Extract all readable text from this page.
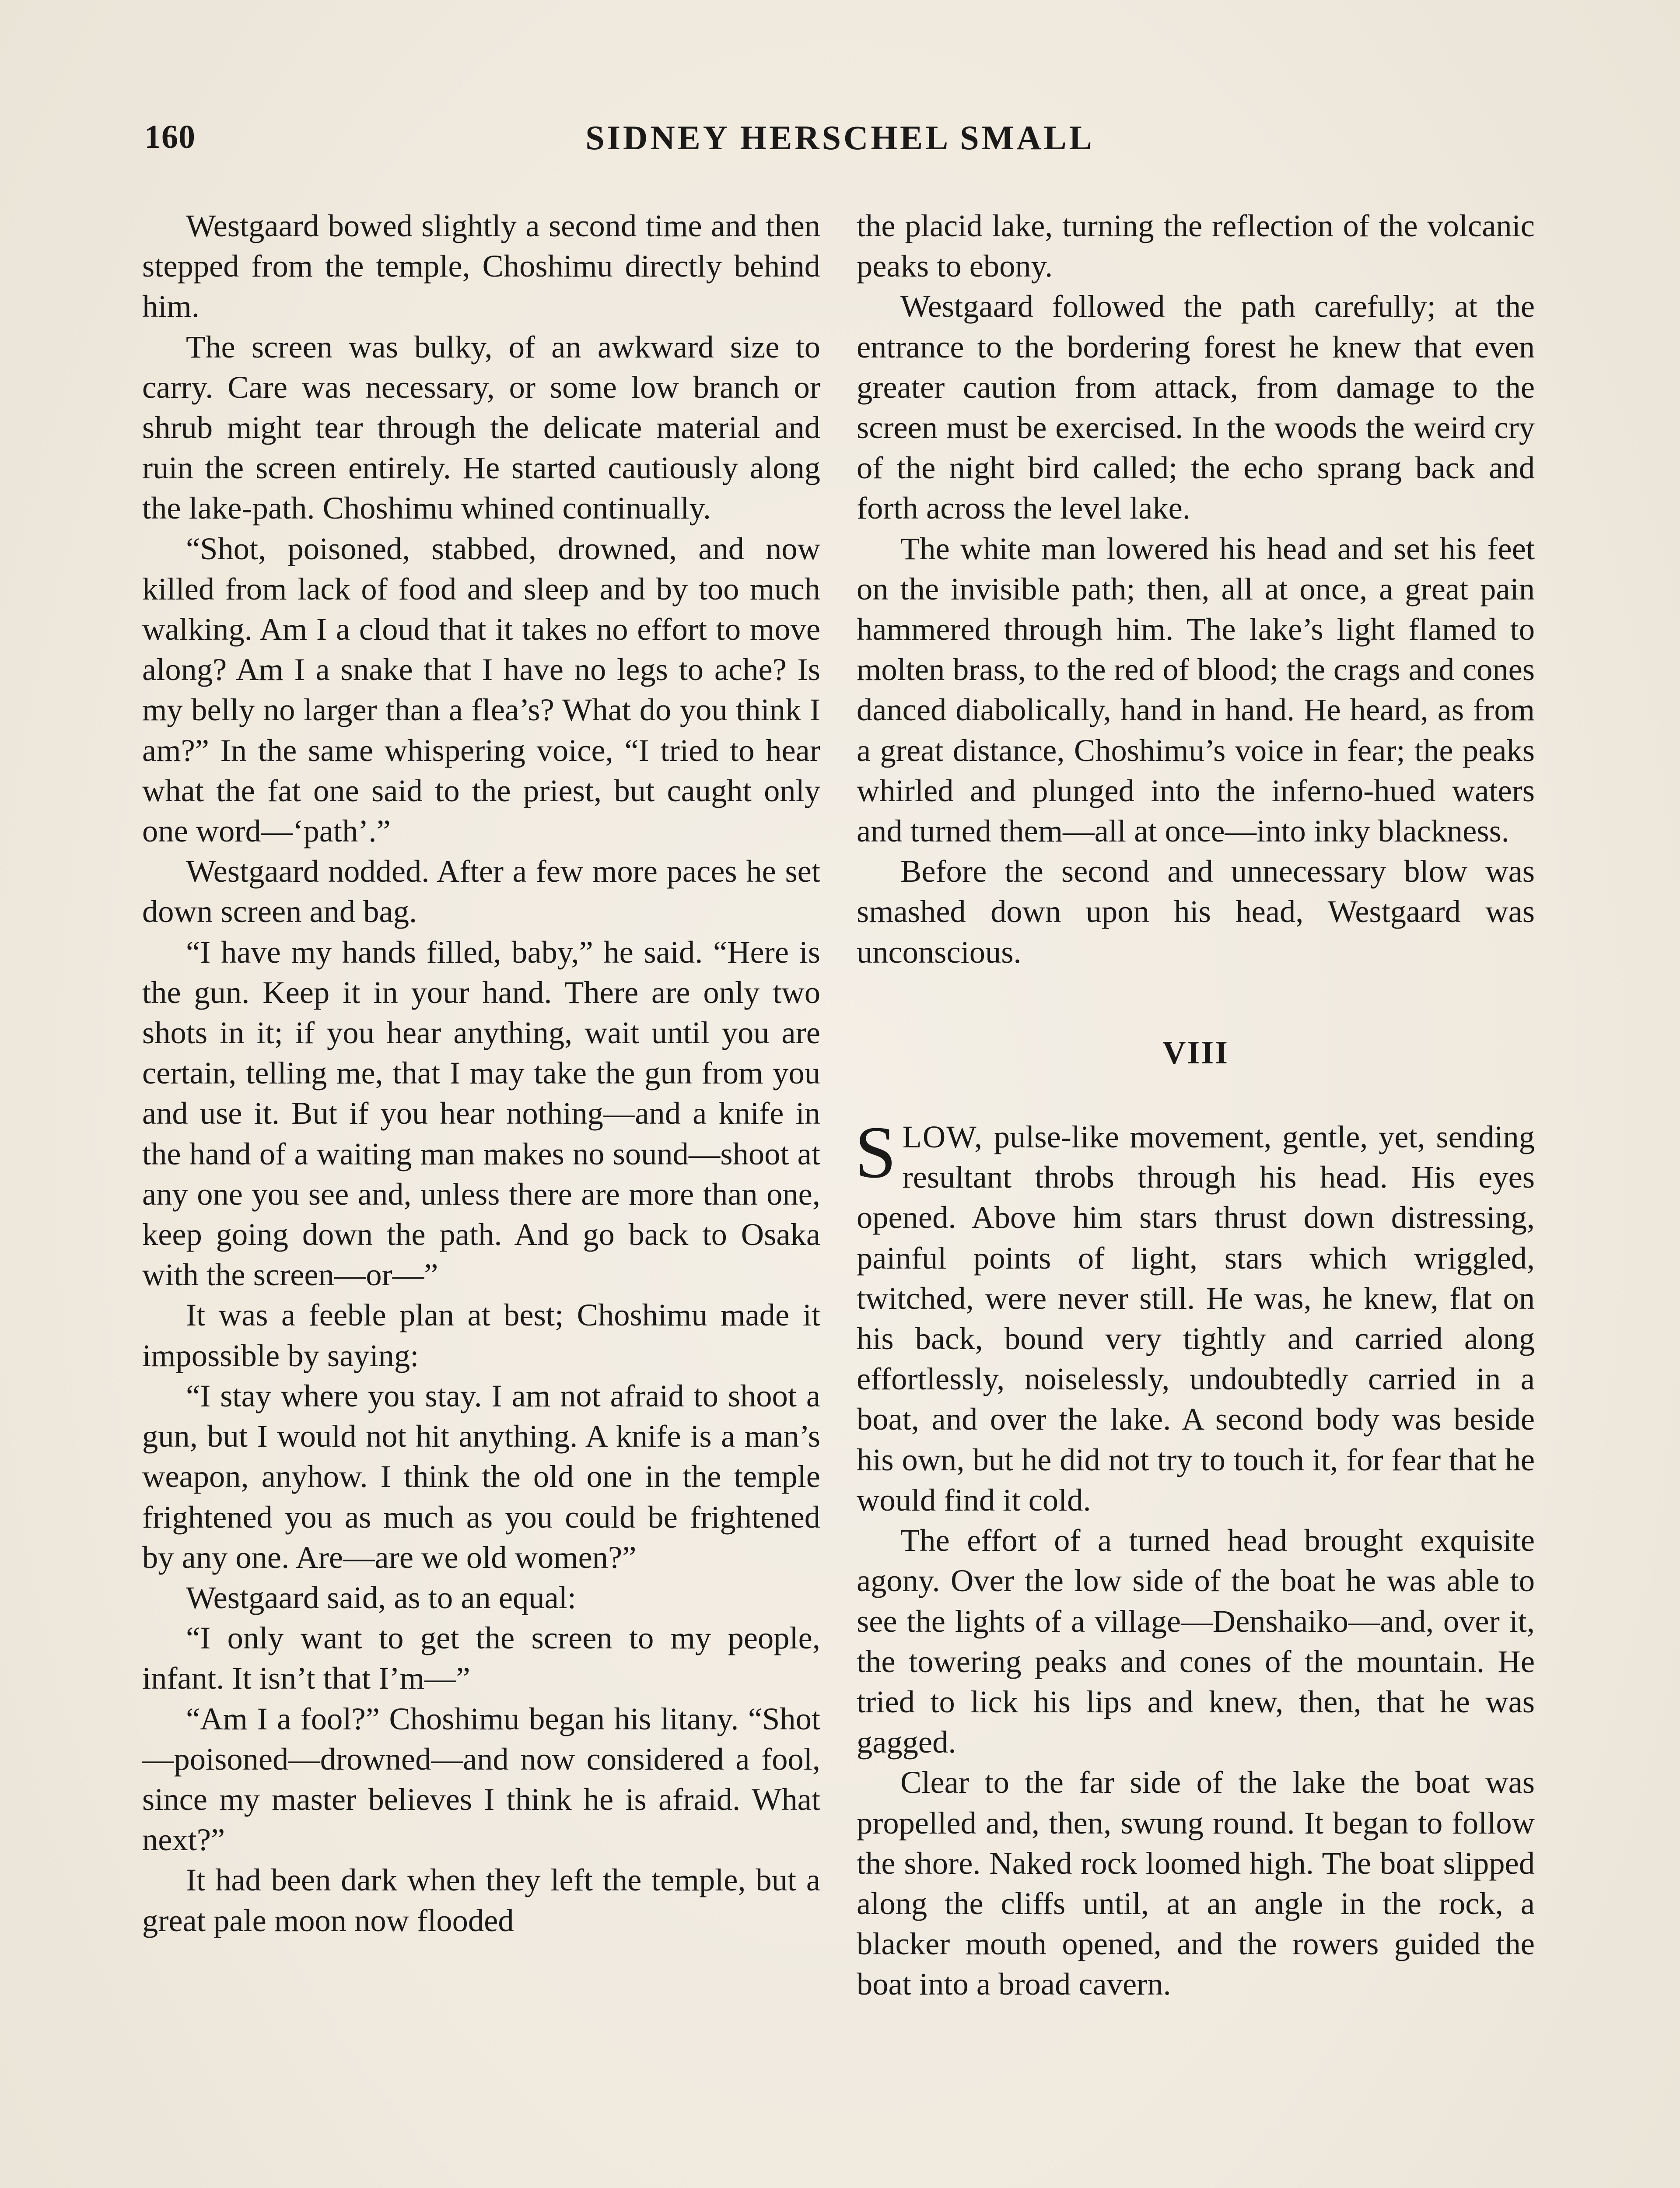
160	SIDNEY HERSCHEL SMALL

Westgaard bowed slightly a second time and then stepped from the temple, Choshimu directly behind him.

The screen was bulky, of an awkward size to carry. Care was necessary, or some low branch or shrub might tear through the delicate material and ruin the screen entirely. He started cautiously along the lake-path. Choshimu whined continually.

“Shot, poisoned, stabbed, drowned, and now killed from lack of food and sleep and by too much walking. Am I a cloud that it takes no effort to move along? Am I a snake that I have no legs to ache? Is my belly no larger than a flea’s? What do you think I am?” In the same whispering voice, “I tried to hear what the fat one said to the priest, but caught only one word—‘path’.”

Westgaard nodded. After a few more paces he set down screen and bag.

“I have my hands filled, baby,” he said. “Here is the gun. Keep it in your hand. There are only two shots in it; if you hear anything, wait until you are certain, telling me, that I may take the gun from you and use it. But if you hear nothing—and a knife in the hand of a waiting man makes no sound—shoot at any one you see and, unless there are more than one, keep going down the path. And go back to Osaka with the screen—or—”

It was a feeble plan at best; Choshimu made it impossible by saying:

“I stay where you stay. I am not afraid to shoot a gun, but I would not hit anything. A knife is a man’s weapon, anyhow. I think the old one in the temple frightened you as much as you could be frightened by any one. Are—are we old women?”

Westgaard said, as to an equal:

“I only want to get the screen to my people, infant. It isn’t that I’m—”

“Am I a fool?” Choshimu began his litany. “Shot—poisoned—drowned—and now considered a fool, since my master believes I think he is afraid. What next?”

It had been dark when they left the temple, but a great pale moon now flooded

the placid lake, turning the reflection of the volcanic peaks to ebony.

Westgaard followed the path carefully; at the entrance to the bordering forest he knew that even greater caution from attack, from damage to the screen must be exercised. In the woods the weird cry of the night bird called; the echo sprang back and forth across the level lake.

The white man lowered his head and set his feet on the invisible path; then, all at once, a great pain hammered through him. The lake’s light flamed to molten brass, to the red of blood; the crags and cones danced diabolically, hand in hand. He heard, as from a great distance, Choshimu’s voice in fear; the peaks whirled and plunged into the inferno-hued waters and turned them—all at once—into inky blackness.

Before the second and unnecessary blow was smashed down upon his head, Westgaard was unconscious.

VIII

SLOW, pulse-like movement, gentle, yet, sending resultant throbs through his head. His eyes opened. Above him stars thrust down distressing, painful points of light, stars which wriggled, twitched, were never still. He was, he knew, flat on his back, bound very tightly and carried along effortlessly, noiselessly, undoubtedly carried in a boat, and over the lake. A second body was beside his own, but he did not try to touch it, for fear that he would find it cold.

The effort of a turned head brought exquisite agony. Over the low side of the boat he was able to see the lights of a village—Denshaiko—and, over it, the towering peaks and cones of the mountain. He tried to lick his lips and knew, then, that he was gagged.

Clear to the far side of the lake the boat was propelled and, then, swung round. It began to follow the shore. Naked rock loomed high. The boat slipped along the cliffs until, at an angle in the rock, a blacker mouth opened, and the rowers guided the boat into a broad cavern.
